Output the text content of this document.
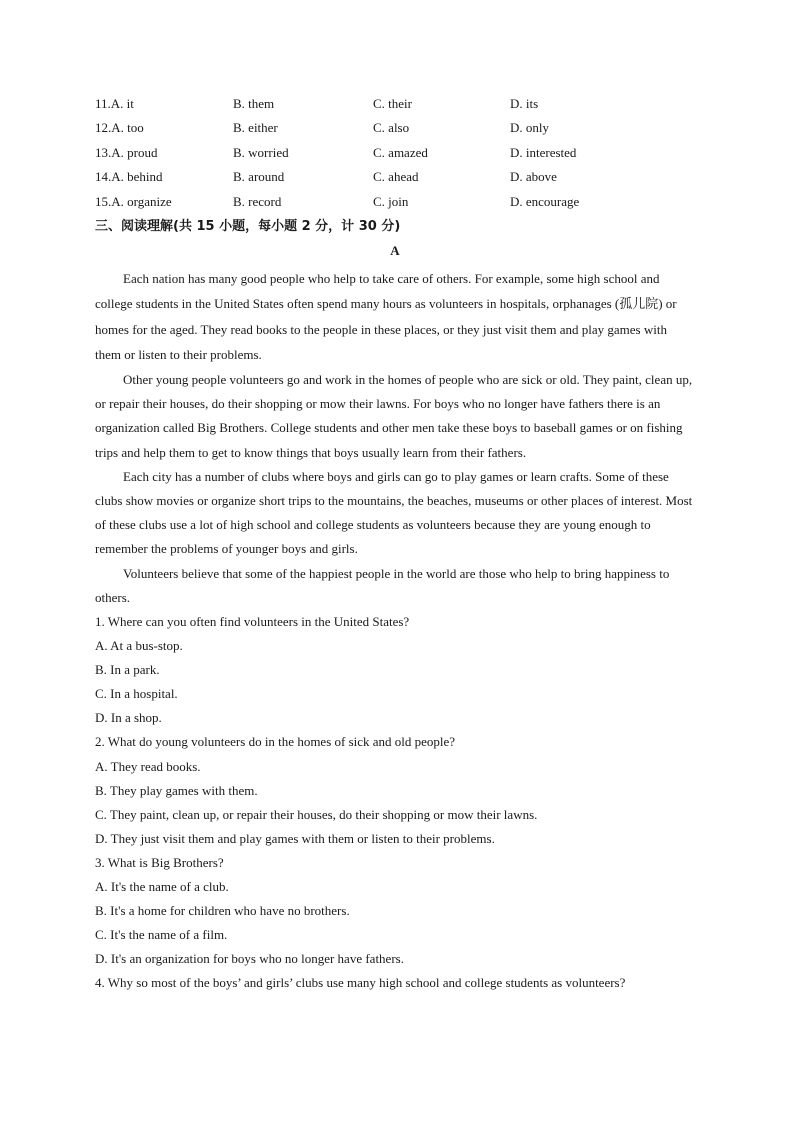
11.A. it	B. them	C. their	D. its
12.A. too	B. either	C. also	D. only
13.A. proud	B. worried	C. amazed	D. interested
14.A. behind	B. around	C. ahead	D. above
15.A. organize	B. record	C. join	D. encourage
三、阅读理解(共 15 小题，每小题 2 分，计 30 分)
A

Each nation has many good people who help to take care of others. For example, some high school and college students in the United States often spend many hours as volunteers in hospitals, orphanages (孤儿院) or homes for the aged. They read books to the people in these places, or they just visit them and play games with them or listen to their problems.

Other young people volunteers go and work in the homes of people who are sick or old. They paint, clean up, or repair their houses, do their shopping or mow their lawns. For boys who no longer have fathers there is an organization called Big Brothers. College students and other men take these boys to baseball games or on fishing trips and help them to get to know things that boys usually learn from their fathers.

Each city has a number of clubs where boys and girls can go to play games or learn crafts. Some of these clubs show movies or organize short trips to the mountains, the beaches, museums or other places of interest. Most of these clubs use a lot of high school and college students as volunteers because they are young enough to remember the problems of younger boys and girls.

Volunteers believe that some of the happiest people in the world are those who help to bring happiness to others.

1. Where can you often find volunteers in the United States?

A. At a bus-stop.

B. In a park.

C. In a hospital.

D. In a shop.

2. What do young volunteers do in the homes of sick and old people?

A. They read books.

B. They play games with them.

C. They paint, clean up, or repair their houses, do their shopping or mow their lawns.

D. They just visit them and play games with them or listen to their problems.

3. What is Big Brothers?

A. It's the name of a club.

B. It's a home for children who have no brothers.

C. It's the name of a film.

D. It's an organization for boys who no longer have fathers.

4. Why so most of the boys’ and girls’ clubs use many high school and college students as volunteers?
